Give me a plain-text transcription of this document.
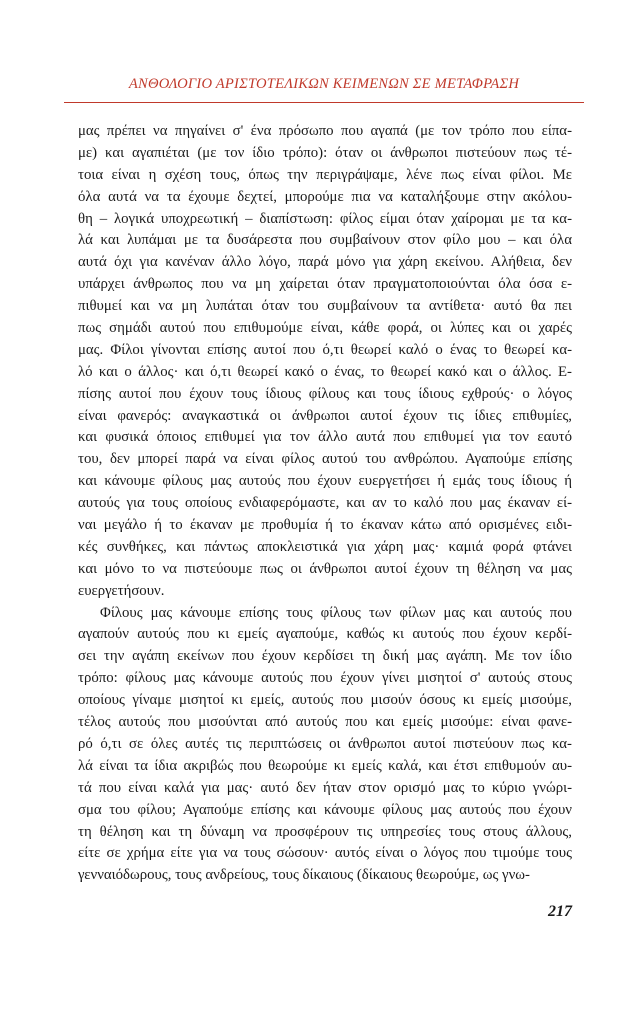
ΑΝΘΟΛΟΓΙΟ ΑΡΙΣΤΟΤΕΛΙΚΩΝ ΚΕΙΜΕΝΩΝ ΣΕ ΜΕΤΑΦΡΑΣΗ
μας πρέπει να πηγαίνει σ' ένα πρόσωπο που αγαπά (με τον τρόπο που είπα-
με) και αγαπιέται (με τον ίδιο τρόπο): όταν οι άνθρωποι πιστεύουν πως τέ-
τοια είναι η σχέση τους, όπως την περιγράψαμε, λένε πως είναι φίλοι. Με
όλα αυτά να τα έχουμε δεχτεί, μπορούμε πια να καταλήξουμε στην ακόλου-
θη – λογικά υποχρεωτική – διαπίστωση: φίλος είμαι όταν χαίρομαι με τα κα-
λά και λυπάμαι με τα δυσάρεστα που συμβαίνουν στον φίλο μου – και όλα
αυτά όχι για κανέναν άλλο λόγο, παρά μόνο για χάρη εκείνου. Αλήθεια, δεν
υπάρχει άνθρωπος που να μη χαίρεται όταν πραγματοποιούνται όλα όσα ε-
πιθυμεί και να μη λυπάται όταν του συμβαίνουν τα αντίθετα· αυτό θα πει
πως σημάδι αυτού που επιθυμούμε είναι, κάθε φορά, οι λύπες και οι χαρές
μας. Φίλοι γίνονται επίσης αυτοί που ό,τι θεωρεί καλό ο ένας το θεωρεί κα-
λό και ο άλλος· και ό,τι θεωρεί κακό ο ένας, το θεωρεί κακό και ο άλλος. Ε-
πίσης αυτοί που έχουν τους ίδιους φίλους και τους ίδιους εχθρούς· ο λόγος
είναι φανερός: αναγκαστικά οι άνθρωποι αυτοί έχουν τις ίδιες επιθυμίες,
και φυσικά όποιος επιθυμεί για τον άλλο αυτά που επιθυμεί για τον εαυτό
του, δεν μπορεί παρά να είναι φίλος αυτού του ανθρώπου. Αγαπούμε επίσης
και κάνουμε φίλους μας αυτούς που έχουν ευεργετήσει ή εμάς τους ίδιους ή
αυτούς για τους οποίους ενδιαφερόμαστε, και αν το καλό που μας έκαναν εί-
ναι μεγάλο ή το έκαναν με προθυμία ή το έκαναν κάτω από ορισμένες ειδι-
κές συνθήκες, και πάντως αποκλειστικά για χάρη μας· καμιά φορά φτάνει
και μόνο το να πιστεύουμε πως οι άνθρωποι αυτοί έχουν τη θέληση να μας
ευεργετήσουν.
Φίλους μας κάνουμε επίσης τους φίλους των φίλων μας και αυτούς που
αγαπούν αυτούς που κι εμείς αγαπούμε, καθώς κι αυτούς που έχουν κερδί-
σει την αγάπη εκείνων που έχουν κερδίσει τη δική μας αγάπη. Με τον ίδιο
τρόπο: φίλους μας κάνουμε αυτούς που έχουν γίνει μισητοί σ' αυτούς στους
οποίους γίναμε μισητοί κι εμείς, αυτούς που μισούν όσους κι εμείς μισούμε,
τέλος αυτούς που μισούνται από αυτούς που και εμείς μισούμε: είναι φανε-
ρό ό,τι σε όλες αυτές τις περιπτώσεις οι άνθρωποι αυτοί πιστεύουν πως κα-
λά είναι τα ίδια ακριβώς που θεωρούμε κι εμείς καλά, και έτσι επιθυμούν αυ-
τά που είναι καλά για μας· αυτό δεν ήταν στον ορισμό μας το κύριο γνώρι-
σμα του φίλου; Αγαπούμε επίσης και κάνουμε φίλους μας αυτούς που έχουν
τη θέληση και τη δύναμη να προσφέρουν τις υπηρεσίες τους στους άλλους,
είτε σε χρήμα είτε για να τους σώσουν· αυτός είναι ο λόγος που τιμούμε τους
γενναιόδωρους, τους ανδρείους, τους δίκαιους (δίκαιους θεωρούμε, ως γνω-
217
